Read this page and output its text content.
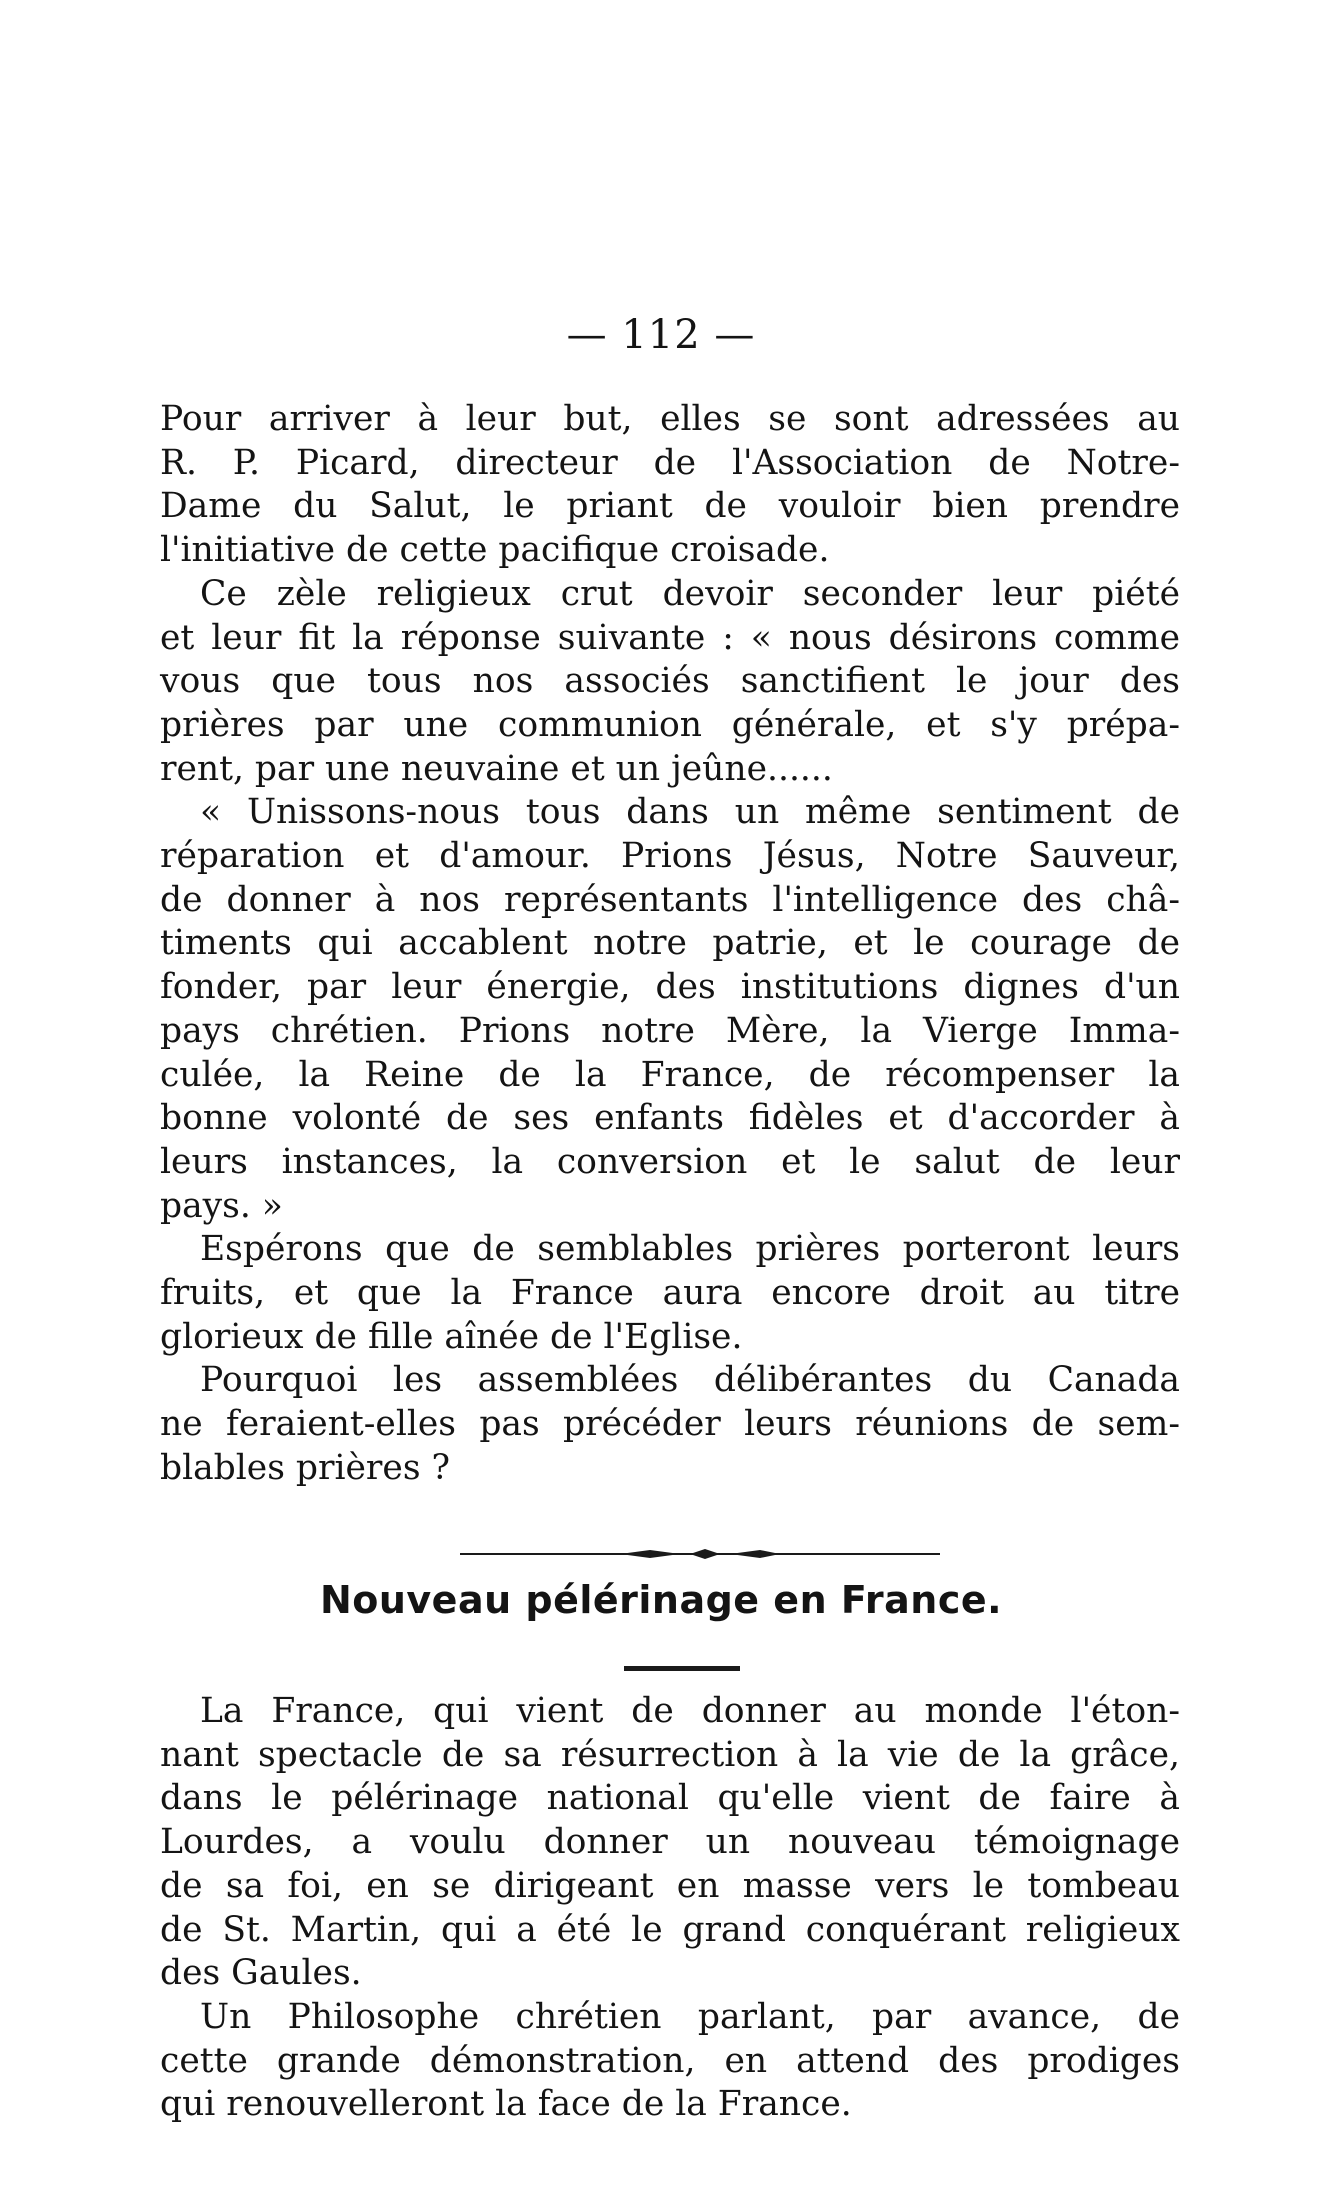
— 112 —
Pour arriver à leur but, elles se sont adressées au
R. P. Picard, directeur de l'Association de Notre-
Dame du Salut, le priant de vouloir bien prendre
l'initiative de cette pacifique croisade.
Ce zèle religieux crut devoir seconder leur piété
et leur fit la réponse suivante : « nous désirons comme
vous que tous nos associés sanctifient le jour des
prières par une communion générale, et s'y prépa-
rent, par une neuvaine et un jeûne......
« Unissons-nous tous dans un même sentiment de
réparation et d'amour. Prions Jésus, Notre Sauveur,
de donner à nos représentants l'intelligence des châ-
timents qui accablent notre patrie, et le courage de
fonder, par leur énergie, des institutions dignes d'un
pays chrétien. Prions notre Mère, la Vierge Imma-
culée, la Reine de la France, de récompenser la
bonne volonté de ses enfants fidèles et d'accorder à
leurs instances, la conversion et le salut de leur
pays. »
Espérons que de semblables prières porteront leurs
fruits, et que la France aura encore droit au titre
glorieux de fille aînée de l'Eglise.
Pourquoi les assemblées délibérantes du Canada
ne feraient-elles pas précéder leurs réunions de sem-
blables prières ?
Nouveau pélérinage en France.
La France, qui vient de donner au monde l'éton-
nant spectacle de sa résurrection à la vie de la grâce,
dans le pélérinage national qu'elle vient de faire à
Lourdes, a voulu donner un nouveau témoignage
de sa foi, en se dirigeant en masse vers le tombeau
de St. Martin, qui a été le grand conquérant religieux
des Gaules.
Un Philosophe chrétien parlant, par avance, de
cette grande démonstration, en attend des prodiges
qui renouvelleront la face de la France.
